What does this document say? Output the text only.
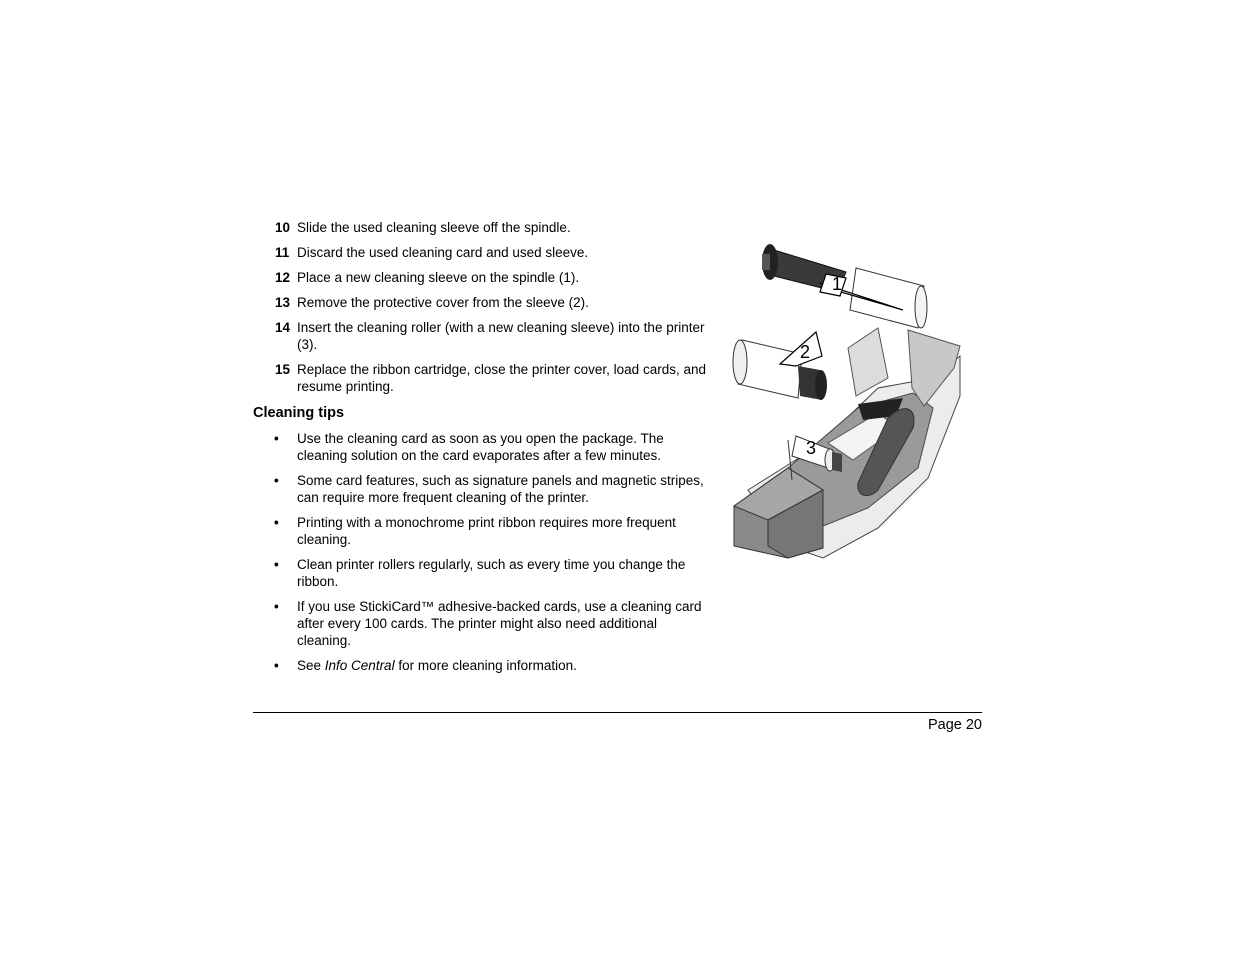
10 Slide the used cleaning sleeve off the spindle.
11 Discard the used cleaning card and used sleeve.
12 Place a new cleaning sleeve on the spindle (1).
13 Remove the protective cover from the sleeve (2).
14 Insert the cleaning roller (with a new cleaning sleeve) into the printer (3).
15 Replace the ribbon cartridge, close the printer cover, load cards, and resume printing.
Cleaning tips
• Use the cleaning card as soon as you open the package. The cleaning solution on the card evaporates after a few minutes.
• Some card features, such as signature panels and magnetic stripes, can require more frequent cleaning of the printer.
• Printing with a monochrome print ribbon requires more frequent cleaning.
• Clean printer rollers regularly, such as every time you change the ribbon.
• If you use StickiCard™ adhesive-backed cards, use a cleaning card after every 100 cards. The printer might also need additional cleaning.
• See Info Central for more cleaning information.
1
2
3
Page 20
